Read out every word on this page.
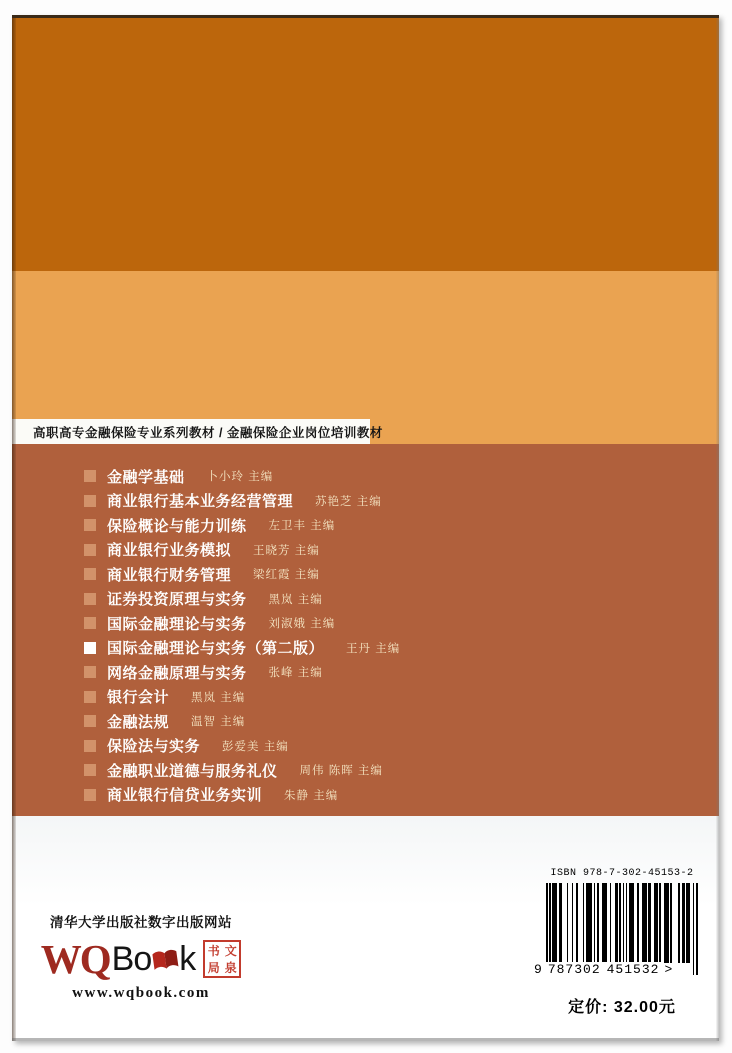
高职高专金融保险专业系列教材 / 金融保险企业岗位培训教材
金融学基础 卜小玲 主编
商业银行基本业务经营管理 苏艳芝 主编
保险概论与能力训练 左卫丰 主编
商业银行业务模拟 王晓芳 主编
商业银行财务管理 梁红霞 主编
证券投资原理与实务 黑岚 主编
国际金融理论与实务 刘淑娥 主编
国际金融理论与实务（第二版） 王丹 主编
网络金融原理与实务 张峰 主编
银行会计 黑岚 主编
金融法规 温智 主编
保险法与实务 彭爱美 主编
金融职业道德与服务礼仪 周伟 陈晖 主编
商业银行信贷业务实训 朱静 主编
清华大学出版社数字出版网站
WQ Bo k 书 文
局 泉
www.wqbook.com
ISBN 978-7-302-45153-2
9 787302 451532 >
定价: 32.00元
